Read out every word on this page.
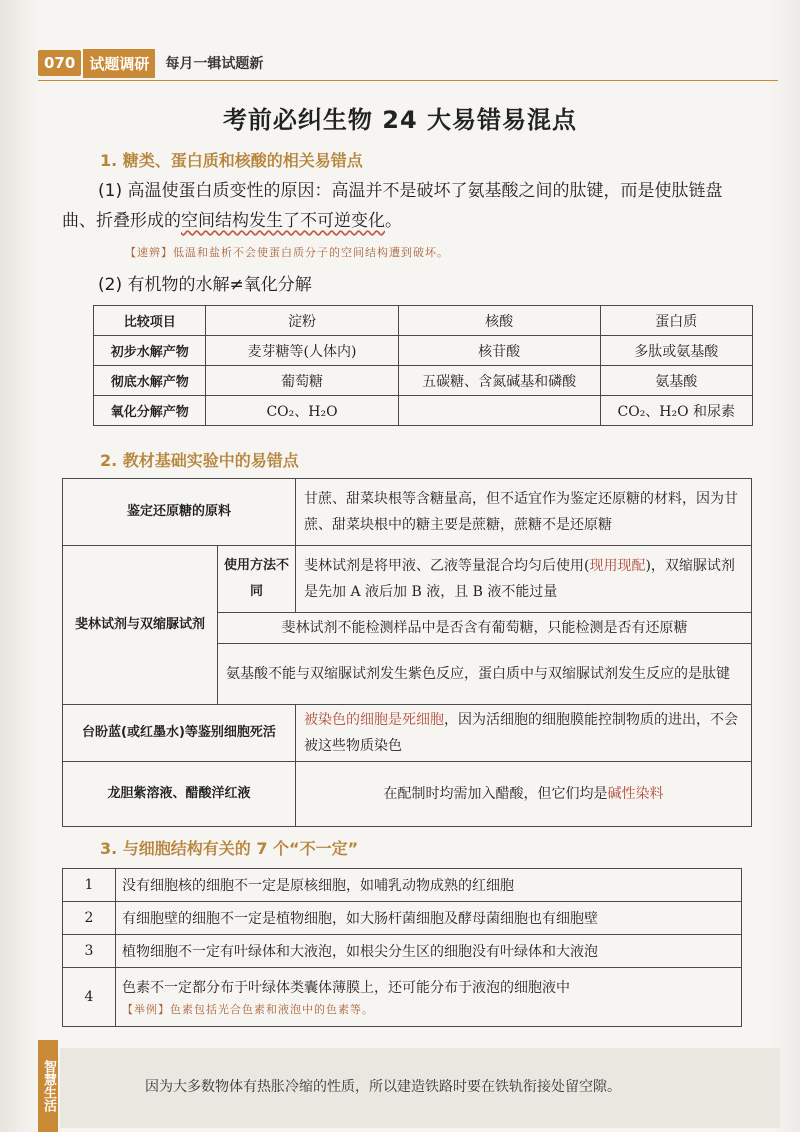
070 试题调研	每月一辑试题新
考前必纠生物 24 大易错易混点
1. 糖类、蛋白质和核酸的相关易错点
(1) 高温使蛋白质变性的原因：高温并不是破坏了氨基酸之间的肽键，而是使肽链盘曲、折叠形成的空间结构发生了不可逆变化。
【速辨】低温和盐析不会使蛋白质分子的空间结构遭到破坏。
(2) 有机物的水解≠氧化分解
比较项目	淀粉	核酸	蛋白质
初步水解产物	麦芽糖等(人体内)	核苷酸	多肽或氨基酸
彻底水解产物	葡萄糖	五碳糖、含氮碱基和磷酸	氨基酸
氧化分解产物	CO₂、H₂O		CO₂、H₂O 和尿素
2. 教材基础实验中的易错点
鉴定还原糖的原料		甘蔗、甜菜块根等含糖量高，但不适宜作为鉴定还原糖的材料，因为甘蔗、甜菜块根中的糖主要是蔗糖，蔗糖不是还原糖
斐林试剂与双缩脲试剂	使用方法不同	斐林试剂是将甲液、乙液等量混合均匀后使用(现用现配)，双缩脲试剂是先加 A 液后加 B 液，且 B 液不能过量
	斐林试剂不能检测样品中是否含有葡萄糖，只能检测是否有还原糖	
	氨基酸不能与双缩脲试剂发生紫色反应，蛋白质中与双缩脲试剂发生反应的是肽键	
台盼蓝(或红墨水)等鉴别细胞死活		被染色的细胞是死细胞，因为活细胞的细胞膜能控制物质的进出，不会被这些物质染色
龙胆紫溶液、醋酸洋红液		在配制时均需加入醋酸，但它们均是碱性染料
3. 与细胞结构有关的 7 个“不一定”
1	没有细胞核的细胞不一定是原核细胞，如哺乳动物成熟的红细胞
2	有细胞壁的细胞不一定是植物细胞，如大肠杆菌细胞及酵母菌细胞也有细胞壁
3	植物细胞不一定有叶绿体和大液泡，如根尖分生区的细胞没有叶绿体和大液泡
4	色素不一定都分布于叶绿体类囊体薄膜上，还可能分布于液泡的细胞液中
【举例】色素包括光合色素和液泡中的色素等。
智慧生活	因为大多数物体有热胀冷缩的性质，所以建造铁路时要在铁轨衔接处留空隙。
